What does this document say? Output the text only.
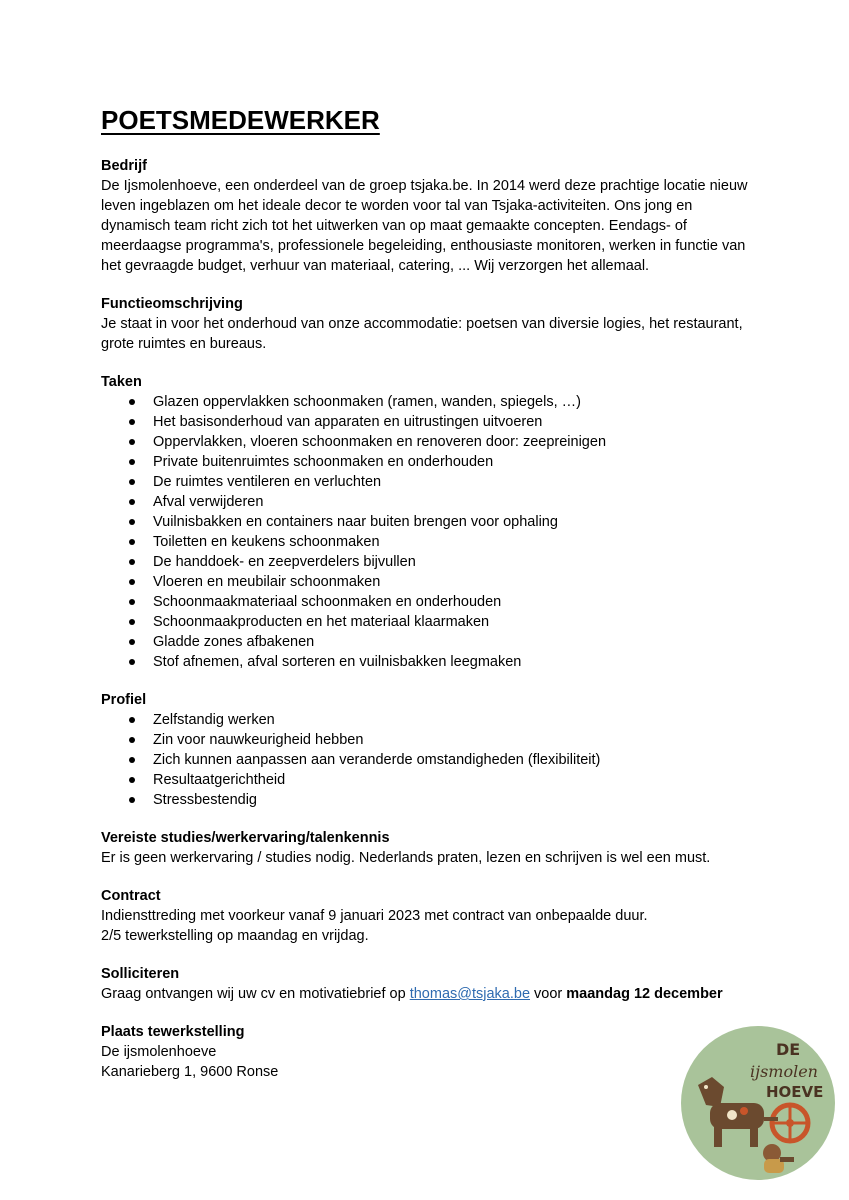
POETSMEDEWERKER
Bedrijf

De Ijsmolenhoeve, een onderdeel van de groep tsjaka.be. In 2014 werd deze prachtige locatie nieuw leven ingeblazen om het ideale decor te worden voor tal van Tsjaka-activiteiten. Ons jong en dynamisch team richt zich tot het uitwerken van op maat gemaakte concepten. Eendags- of meerdaagse programma's, professionele begeleiding, enthousiaste monitoren, werken in functie van het gevraagde budget, verhuur van materiaal, catering, ... Wij verzorgen het allemaal.

Functieomschrijving

Je staat in voor het onderhoud van onze accommodatie: poetsen van diversie logies, het restaurant, grote ruimtes en bureaus.

Taken
Glazen oppervlakken schoonmaken (ramen, wanden, spiegels, …)
Het basisonderhoud van apparaten en uitrustingen uitvoeren
Oppervlakken, vloeren schoonmaken en renoveren door: zeepreinigen
Private buitenruimtes schoonmaken en onderhouden
De ruimtes ventileren en verluchten
Afval verwijderen
Vuilnisbakken en containers naar buiten brengen voor ophaling
Toiletten en keukens schoonmaken
De handdoek- en zeepverdelers bijvullen
Vloeren en meubilair schoonmaken
Schoonmaakmateriaal schoonmaken en onderhouden
Schoonmaakproducten en het materiaal klaarmaken
Gladde zones afbakenen
Stof afnemen, afval sorteren en vuilnisbakken leegmaken
Profiel
Zelfstandig werken
Zin voor nauwkeurigheid hebben
Zich kunnen aanpassen aan veranderde omstandigheden (flexibiliteit)
Resultaatgerichtheid
Stressbestendig
Vereiste studies/werkervaring/talenkennis

Er is geen werkervaring / studies nodig. Nederlands praten, lezen en schrijven is wel een must.

Contract

Indiensttreding met voorkeur vanaf 9 januari 2023 met contract van onbepaalde duur.

2/5 tewerkstelling op maandag en vrijdag.

Solliciteren

Graag ontvangen wij uw cv en motivatiebrief op thomas@tsjaka.be voor maandag 12 december

Plaats tewerkstelling

De ijsmolenhoeve

Kanarieberg 1, 9600 Ronse

DE
ijsmolen
HOEVE
